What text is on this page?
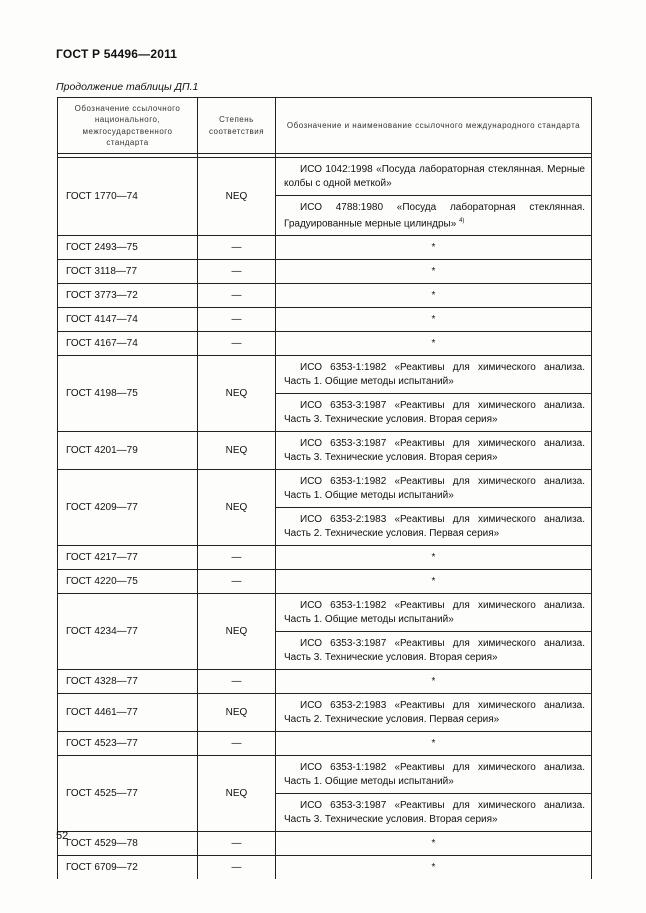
ГОСТ Р 54496—2011
Продолжение таблицы ДП.1
Обозначение ссылочного национального, межгосударственного стандарта	Степень соответствия	Обозначение и наименование ссылочного международного стандарта

ГОСТ 1770—74	NEQ	ИСО 1042:1998 «Посуда лабораторная стеклянная. Мерные колбы с одной меткой»
		ИСО 4788:1980 «Посуда лабораторная стеклянная. Градуированные мерные цилиндры» $^{4)}$
ГОСТ 2493—75	—	*
ГОСТ 3118—77	—	*
ГОСТ 3773—72	—	*
ГОСТ 4147—74	—	*
ГОСТ 4167—74	—	*
ГОСТ 4198—75	NEQ	ИСО 6353-1:1982 «Реактивы для химического анализа. Часть 1. Общие методы испытаний»
		ИСО 6353-3:1987 «Реактивы для химического анализа. Часть 3. Технические условия. Вторая серия»
ГОСТ 4201—79	NEQ	ИСО 6353-3:1987 «Реактивы для химического анализа. Часть 3. Технические условия. Вторая серия»
ГОСТ 4209—77	NEQ	ИСО 6353-1:1982 «Реактивы для химического анализа. Часть 1. Общие методы испытаний»
		ИСО 6353-2:1983 «Реактивы для химического анализа. Часть 2. Технические условия. Первая серия»
ГОСТ 4217—77	—	*
ГОСТ 4220—75	—	*
ГОСТ 4234—77	NEQ	ИСО 6353-1:1982 «Реактивы для химического анализа. Часть 1. Общие методы испытаний»
		ИСО 6353-3:1987 «Реактивы для химического анализа. Часть 3. Технические условия. Вторая серия»
ГОСТ 4328—77	—	*
ГОСТ 4461—77	NEQ	ИСО 6353-2:1983 «Реактивы для химического анализа. Часть 2. Технические условия. Первая серия»
ГОСТ 4523—77	—	*
ГОСТ 4525—77	NEQ	ИСО 6353-1:1982 «Реактивы для химического анализа. Часть 1. Общие методы испытаний»
		ИСО 6353-3:1987 «Реактивы для химического анализа. Часть 3. Технические условия. Вторая серия»
ГОСТ 4529—78	—	*
ГОСТ 6709—72	—	*
52
